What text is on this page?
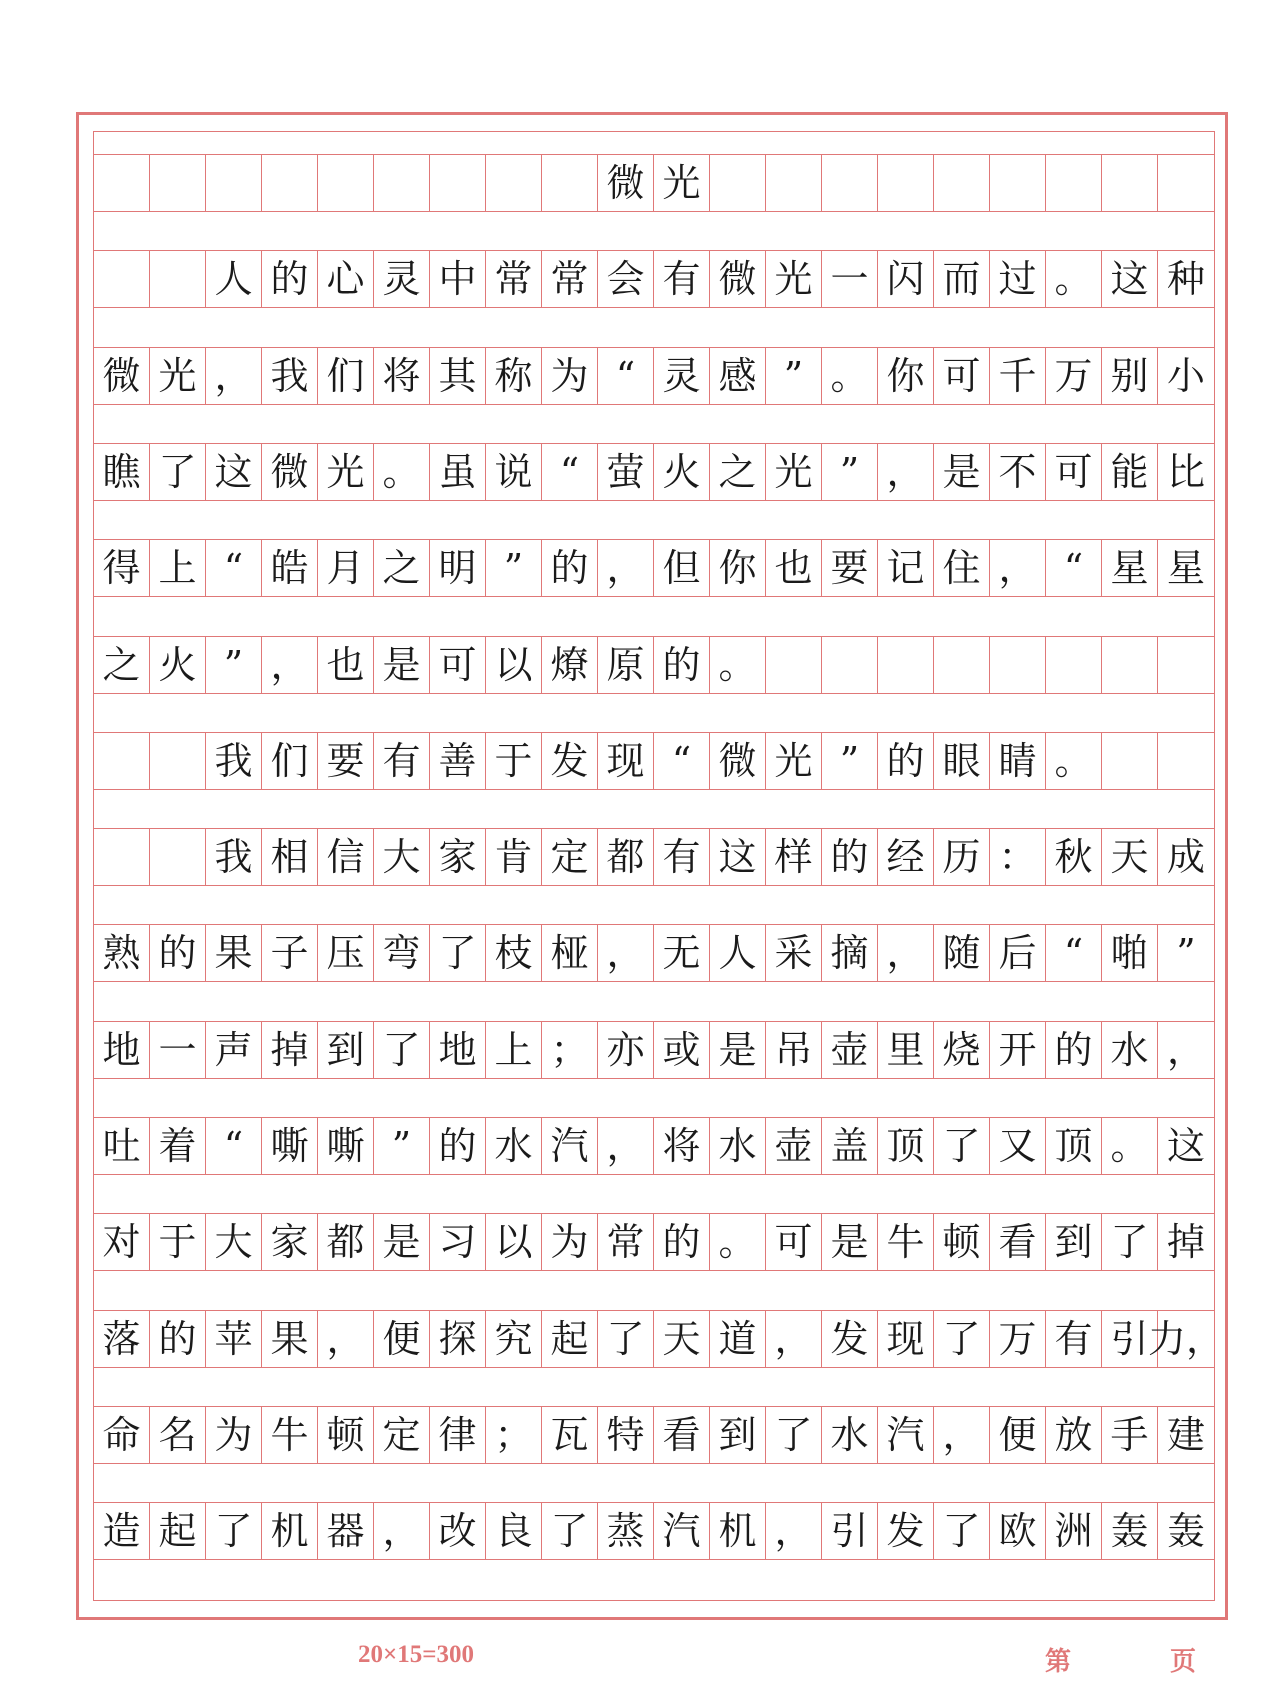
微 光
人 的 心 灵 中 常 常 会 有 微 光 一 闪 而 过 。 这 种
微 光 ， 我 们 将 其 称 为 “ 灵 感 ” 。 你 可 千 万 别 小
瞧 了 这 微 光 。 虽 说 “ 萤 火 之 光 ” ， 是 不 可 能 比
得 上 “ 皓 月 之 明 ” 的 ， 但 你 也 要 记 住 ， “ 星 星
之 火 ” ， 也 是 可 以 燎 原 的 。
我 们 要 有 善 于 发 现 “ 微 光 ” 的 眼 睛 。
我 相 信 大 家 肯 定 都 有 这 样 的 经 历 ： 秋 天 成
熟 的 果 子 压 弯 了 枝 桠 ， 无 人 采 摘 ， 随 后 “ 啪 ”
地 一 声 掉 到 了 地 上 ； 亦 或 是 吊 壶 里 烧 开 的 水 ，
吐 着 “ 嘶 嘶 ” 的 水 汽 ， 将 水 壶 盖 顶 了 又 顶 。 这
对 于 大 家 都 是 习 以 为 常 的 。 可 是 牛 顿 看 到 了 掉
落 的 苹 果 ， 便 探 究 起 了 天 道 ， 发 现 了 万 有 引 力，
命 名 为 牛 顿 定 律 ； 瓦 特 看 到 了 水 汽 ， 便 放 手 建
造 起 了 机 器 ， 改 良 了 蒸 汽 机 ， 引 发 了 欧 洲 轰 轰
20×15=300	第	页
